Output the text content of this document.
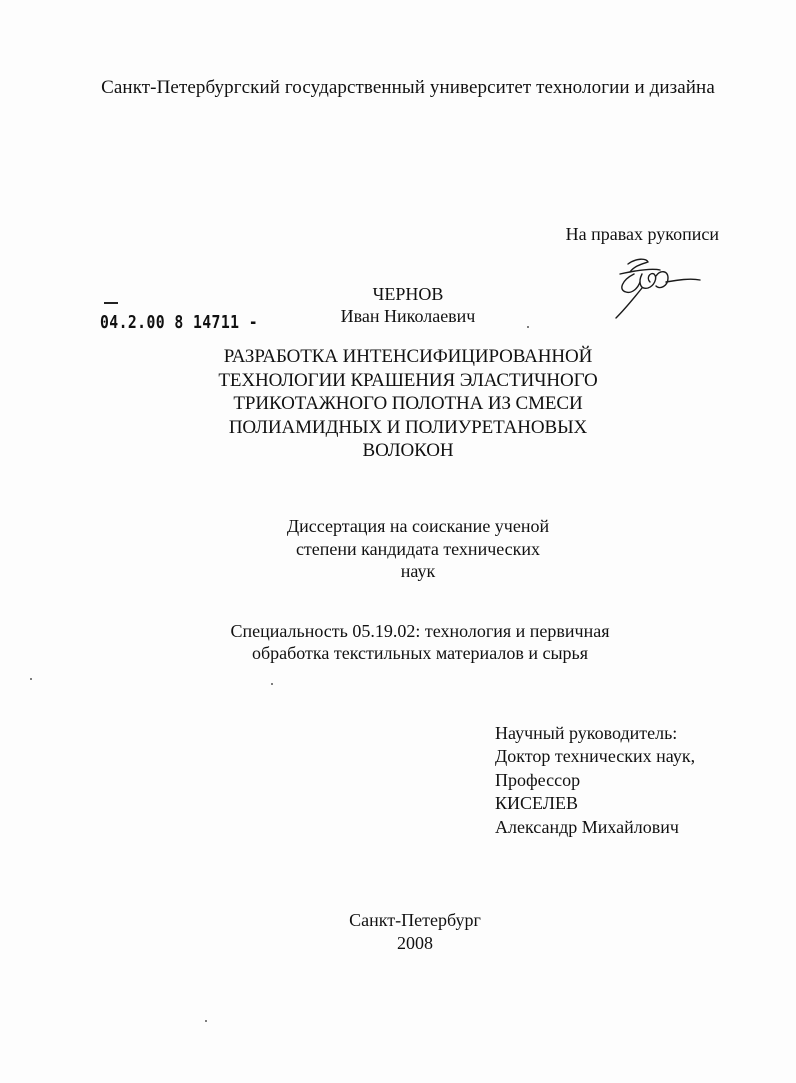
Санкт-Петербургский государственный университет технологии и дизайна

На правах рукописи

04.2.00 8 14711 -

ЧЕРНОВ

Иван Николаевич

РАЗРАБОТКА ИНТЕНСИФИЦИРОВАННОЙ
ТЕХНОЛОГИИ КРАШЕНИЯ ЭЛАСТИЧНОГО
ТРИКОТАЖНОГО ПОЛОТНА ИЗ СМЕСИ
ПОЛИАМИДНЫХ И ПОЛИУРЕТАНОВЫХ
ВОЛОКОН
Диссертация на соискание ученой
степени кандидата технических
наук
Специальность 05.19.02: технология и первичная
обработка текстильных материалов и сырья
Научный руководитель:
Доктор технических наук,
Профессор
КИСЕЛЕВ
Александр Михайлович

Санкт-Петербург

2008
